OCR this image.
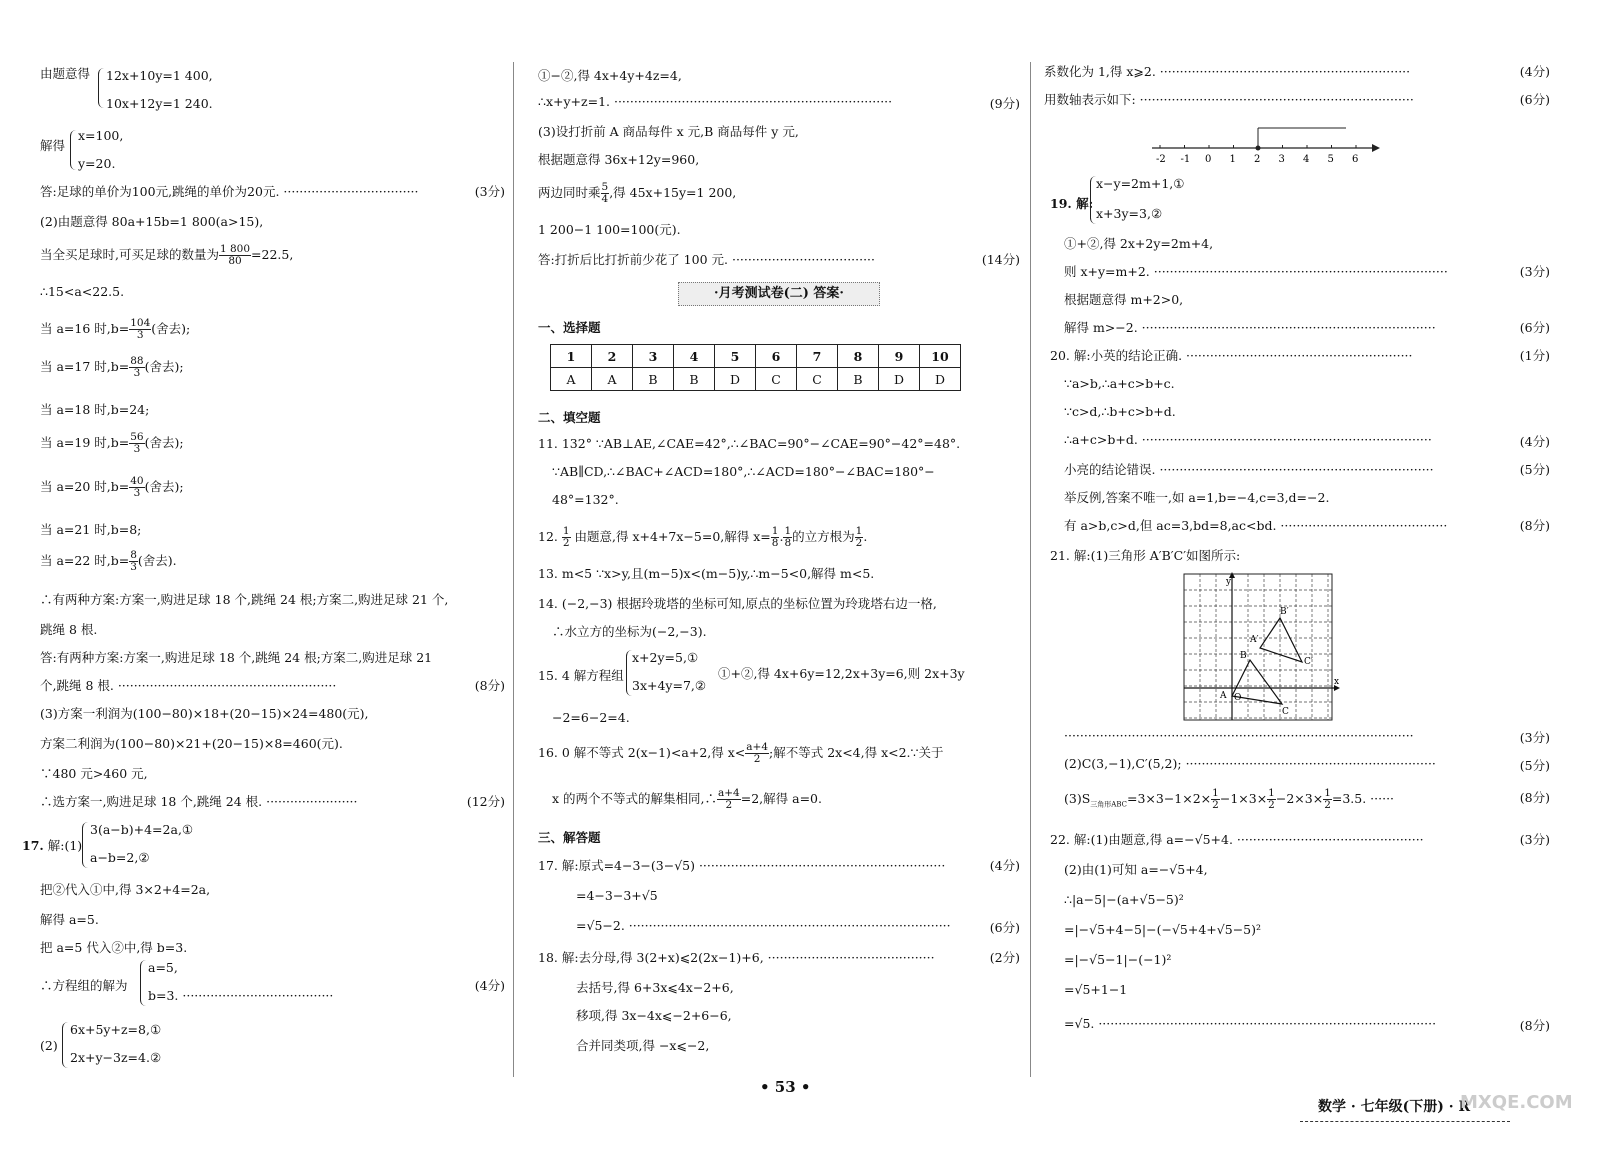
由题意得	12x+10y=1 400,
10x+12y=1 240.
解得
x=100,
y=20.
答:足球的单价为100元,跳绳的单价为20元. ··································	(3分)
(2)由题意得 80a+15b=1 800(a>15),
当全买足球时,可买足球的数量为 $\frac{1 800}{80} =22.5$,
∴15<a<22.5.
当 a=16 时$,b= \frac{104}{3}$ (舍去);
当 a=17 时$,b= \frac{88}{3}$ (舍去);
当 a=18 时,b=24;
当 a=19 时$,b= \frac{56}{3}$ (舍去);
当 a=20 时$,b= \frac{40}{3}$ (舍去);
当 a=21 时,b=8;
当 a=22 时$,b= \frac{8}{3}$ (舍去).
∴有两种方案:方案一,购进足球 18 个,跳绳 24 根;方案二,购进足球 21 个,
跳绳 8 根.
答:有两种方案:方案一,购进足球 18 个,跳绳 24 根;方案二,购进足球 21
个,跳绳 8 根. ·······················································	(8分)
(3)方案一利润为(100−80)×18+(20−15)×24=480(元),
方案二利润为(100−80)×21+(20−15)×8=460(元).
∵480 元>460 元,
∴选方案一,购进足球 18 个,跳绳 24 根. ·······················	(12分)
17. 解:(1)
3(a−b)+4=2a,①
a−b=2,②
把②代入①中,得 3×2+4=2a,
解得 a=5.
把 a=5 代入②中,得 b=3.
∴方程组的解为	(4分)
a=5,
b=3. ······································
(2)
6x+5y+z=8,①
2x+y−3z=4.②
①−②,得 4x+4y+4z=4,
∴x+y+z=1. ······································································	(9分)
(3)设打折前 A 商品每件 x 元,B 商品每件 y 元,
根据题意得 36x+12y=960,
两边同时乘 $\frac{5}{4}$ ,得 45x+15y=1 200,
1 200−1 100=100(元).
答:打折后比打折前少花了 100 元. ····································	(14分)
·月考测试卷(二) 答案·
一、选择题
1	2	3	4	5	6	7	8	9	10
A	A	B	B	D	C	C	B	D	D
二、填空题
11. 132° ∵AB⊥AE,∠CAE=42°,∴∠BAC=90°−∠CAE=90°−42°=48°.
∵AB∥CD,∴∠BAC+∠ACD=180°,∴∠ACD=180°−∠BAC=180°−
48°=132°.
12. $\frac{1}{2}$ 由题意,得 x+4+7x−5=0,解得 $x= \frac{1}{8}$ . $\frac{1}{8}$ 的立方根为 $\frac{1}{2}$ .
13. m<5 ∵x>y,且(m−5)x<(m−5)y,∴m−5<0,解得 m<5.
14. (−2,−3) 根据玲珑塔的坐标可知,原点的坐标位置为玲珑塔右边一格,
∴水立方的坐标为(−2,−3).
15. 4 解方程组
x+2y=5,①
3x+4y=7,②
①+②,得 4x+6y=12,2x+3y=6,则 2x+3y
−2=6−2=4.
16. 0 解不等式 2(x−1)<a+2,得 $x< \frac{a+4}{2}$ ;解不等式 2x<4,得 x<2.∵关于
x 的两个不等式的解集相同,∴ $\frac{a+4}{2} =2$,解得 a=0.
三、解答题
17. 解:原式=4−3−(3−√5) ······························································	(4分)
=4−3−3+√5
=√5−2. ·················································································	(6分)
18. 解:去分母,得 3(2+x)⩽2(2x−1)+6, ··········································	(2分)
去括号,得 6+3x⩽4x−2+6,
移项,得 3x−4x⩽−2+6−6,
合并同类项,得 −x⩽−2,
系数化为 1,得 x⩾2. ·······························································	(4分)
用数轴表示如下: ·····································································	(6分)
-2 -1 0 1 2 3 4 5 6
19. 解:
x−y=2m+1,①
x+3y=3,②
①+②,得 2x+2y=2m+4,
则 x+y=m+2. ··········································································	(3分)
根据题意得 m+2>0,
解得 m>−2. ··········································································	(6分)
20. 解:小英的结论正确. ·························································	(1分)
∵a>b,∴a+c>b+c.
∵c>d,∴b+c>b+d.
∴a+c>b+d. ·········································································	(4分)
小亮的结论错误. ·····································································	(5分)
举反例,答案不唯一,如 a=1,b=−4,c=3,d=−2.
有 a>b,c>d,但 ac=3,bd=8,ac<bd. ··········································	(8分)
21. 解:(1)三角形 A′B′C′如图所示:
y
x
O
A
B
C
A′
B′
C′
························································································	(3分)
(2)C(3,−1),C′(5,2); ·······························································	(5分)
$(3)S_{三角形ABC}=3\times 3-1\times 2\times \frac{1}{2} -1\times 3\times \frac{1}{2} -2\times 3\times \frac{1}{2} =3.5$. ······	(8分)
22. 解:(1)由题意,得 a=−√5+4. ···············································	(3分)
(2)由(1)可知 a=−√5+4,
∴|a−5|−(a+√5−5)²
=|−√5+4−5|−(−√5+4+√5−5)²
=|−√5−1|−(−1)²
=√5+1−1
=√5. ·····················································································	(8分)
• 53 •
数学 · 七年级(下册) · R
MXQE.COM
